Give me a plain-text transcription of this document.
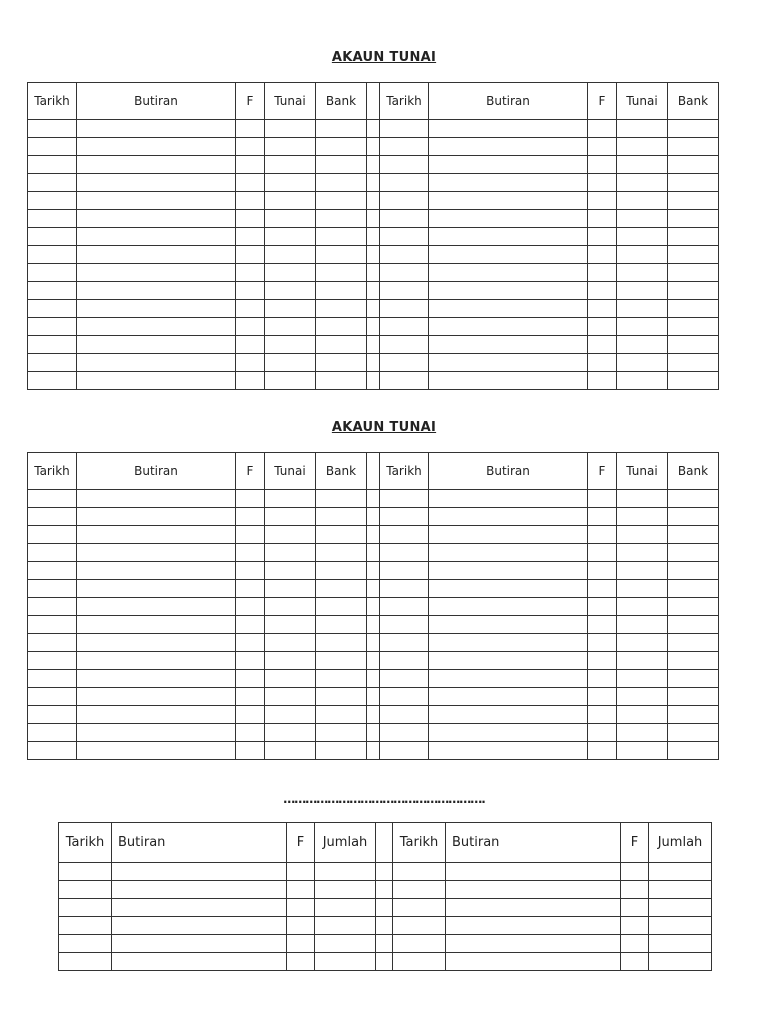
AKAUN TUNAI
Tarikh	Butiran	F	Tunai	Bank		Tarikh	Butiran	F	Tunai	Bank

AKAUN TUNAI
Tarikh	Butiran	F	Tunai	Bank		Tarikh	Butiran	F	Tunai	Bank

……………………………………………….
Tarikh	Butiran	F	Jumlah		Tarikh	Butiran	F	Jumlah
